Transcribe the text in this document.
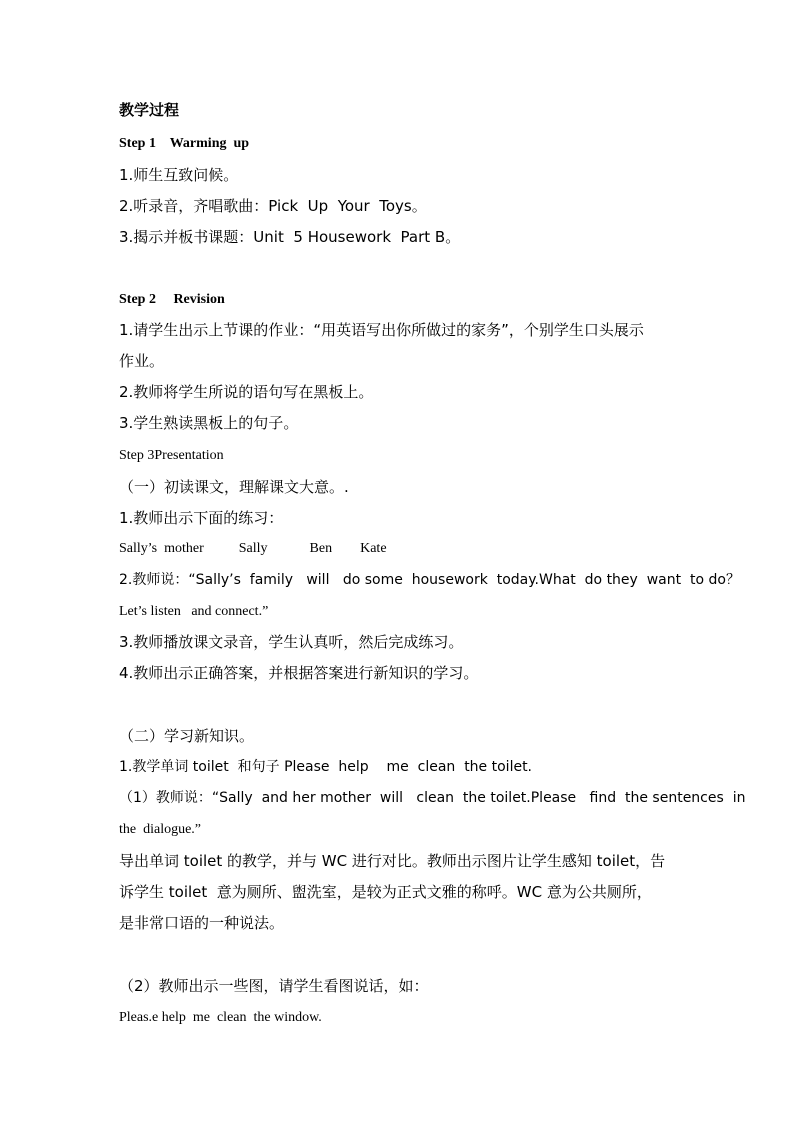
教学过程
Step 1    Warming  up
1.师生互致问候。
2.听录音，齐唱歌曲：Pick  Up  Your  Toys。
3.揭示并板书课题：Unit  5 Housework  Part B。
Step 2     Revision
1.请学生出示上节课的作业：“用英语写出你所做过的家务”，个别学生口头展示
作业。
2.教师将学生所说的语句写在黑板上。
3.学生熟读黑板上的句子。
Step 3Presentation
（一）初读课文，理解课文大意。.
1.教师出示下面的练习：
Sally’s  mother          Sally            Ben        Kate
2.教师说：“Sally’s  family   will   do some  housework  today.What  do they  want  to do？
Let’s listen   and connect.”
3.教师播放课文录音，学生认真听，然后完成练习。
4.教师出示正确答案，并根据答案进行新知识的学习。
（二）学习新知识。
1.教学单词 toilet  和句子 Please  help    me  clean  the toilet.
（1）教师说：“Sally  and her mother  will   clean  the toilet.Please   find  the sentences  in
the  dialogue.”
导出单词 toilet 的教学，并与 WC 进行对比。教师出示图片让学生感知 toilet，告
诉学生 toilet  意为厕所、盥洗室，是较为正式文雅的称呼。WC 意为公共厕所，
是非常口语的一种说法。
（2）教师出示一些图，请学生看图说话，如：
Pleas.e help  me  clean  the window.
